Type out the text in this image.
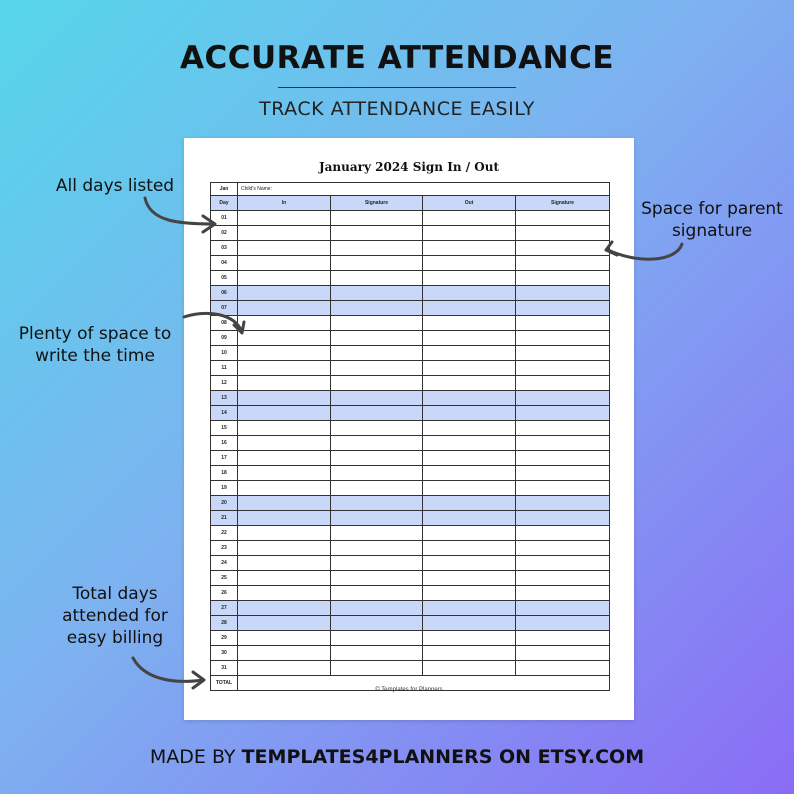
ACCURATE ATTENDANCE
TRACK ATTENDANCE EASILY
January 2024 Sign In / Out
Jan	Child's Name:			
Day	In	Signature	Out	Signature
01				
02				
03				
04				
05				
06				
07				
08				
09				
10				
11				
12				
13				
14				
15				
16				
17				
18				
19				
20				
21				
22				
23				
24				
25				
26				
27				
28				
29				
30				
31				
TOTAL				
© Templates for Planners
All days listed
Space for parent
signature
Plenty of space to
write the time
Total days
attended for
easy billing
MADE BY TEMPLATES4PLANNERS ON ETSY.COM
